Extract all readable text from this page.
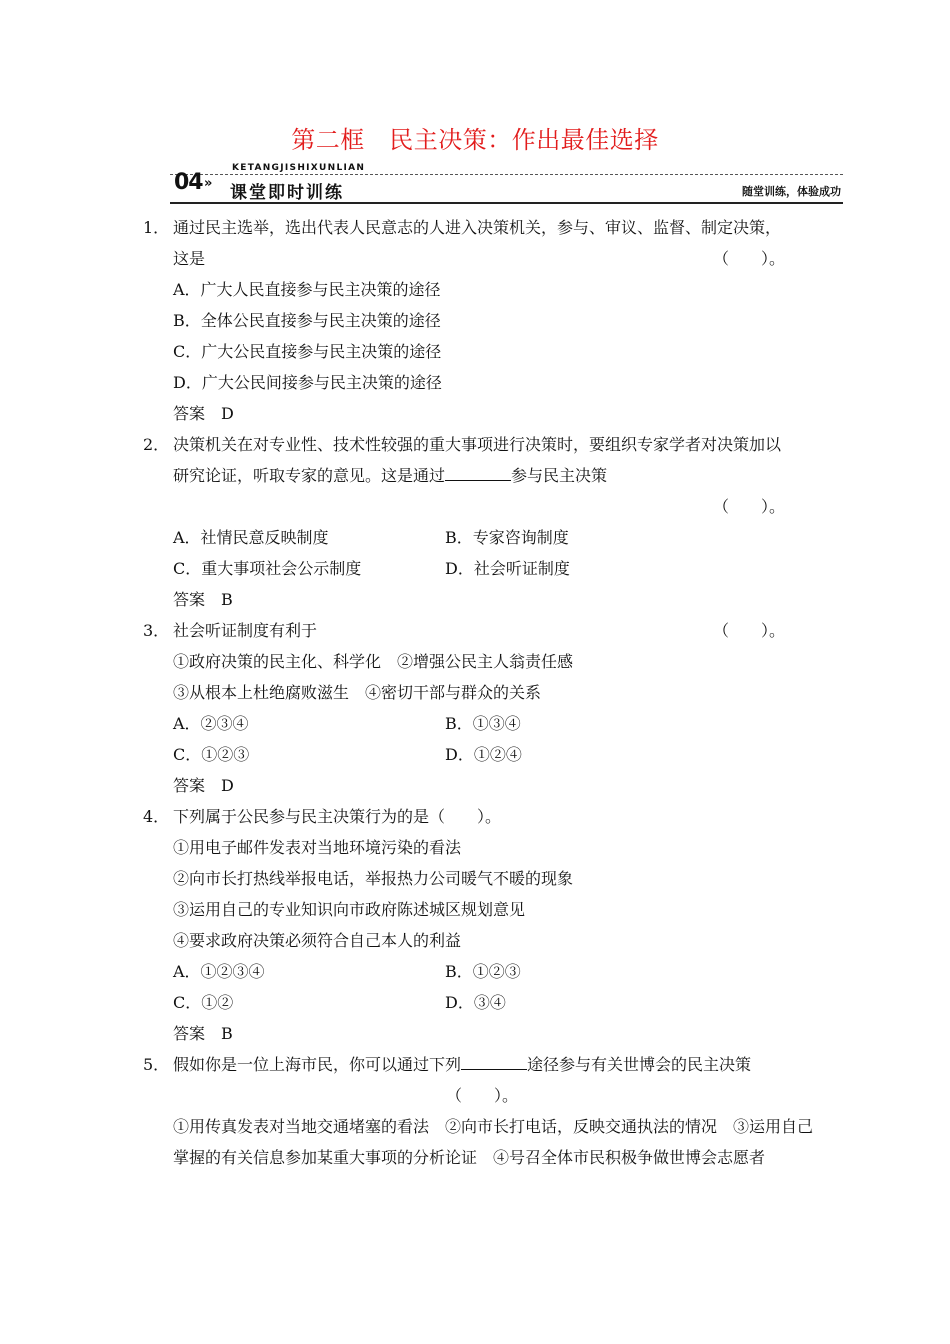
第二框　民主决策：作出最佳选择
KETANGJISHIXUNLIAN
04 » 课堂即时训练	随堂训练，体验成功
1． 通过民主选举，选出代表人民意志的人进入决策机关，参与、审议、监督、制定决策，
这是	（　　）。
A．广大人民直接参与民主决策的途径
B．全体公民直接参与民主决策的途径
C．广大公民直接参与民主决策的途径
D．广大公民间接参与民主决策的途径
答案　D
2． 决策机关在对专业性、技术性较强的重大事项进行决策时，要组织专家学者对决策加以
研究论证，听取专家的意见。这是通过	参与民主决策
（　　）。
A．社情民意反映制度	B．专家咨询制度
C．重大事项社会公示制度	D．社会听证制度
答案　B
3． 社会听证制度有利于	（　　）。
①政府决策的民主化、科学化　②增强公民主人翁责任感
③从根本上杜绝腐败滋生　④密切干部与群众的关系
A．②③④	B．①③④
C．①②③	D．①②④
答案　D
4． 下列属于公民参与民主决策行为的是（　　）。
①用电子邮件发表对当地环境污染的看法
②向市长打热线举报电话，举报热力公司暖气不暖的现象
③运用自己的专业知识向市政府陈述城区规划意见
④要求政府决策必须符合自己本人的利益
A．①②③④	B．①②③
C．①②	D．③④
答案　B
5． 假如你是一位上海市民，你可以通过下列	途径参与有关世博会的民主决策
（　　）。
①用传真发表对当地交通堵塞的看法　②向市长打电话，反映交通执法的情况　③运用自己掌握的有关信息参加某重大事项的分析论证　④号召全体市民积极争做世博会志愿者
